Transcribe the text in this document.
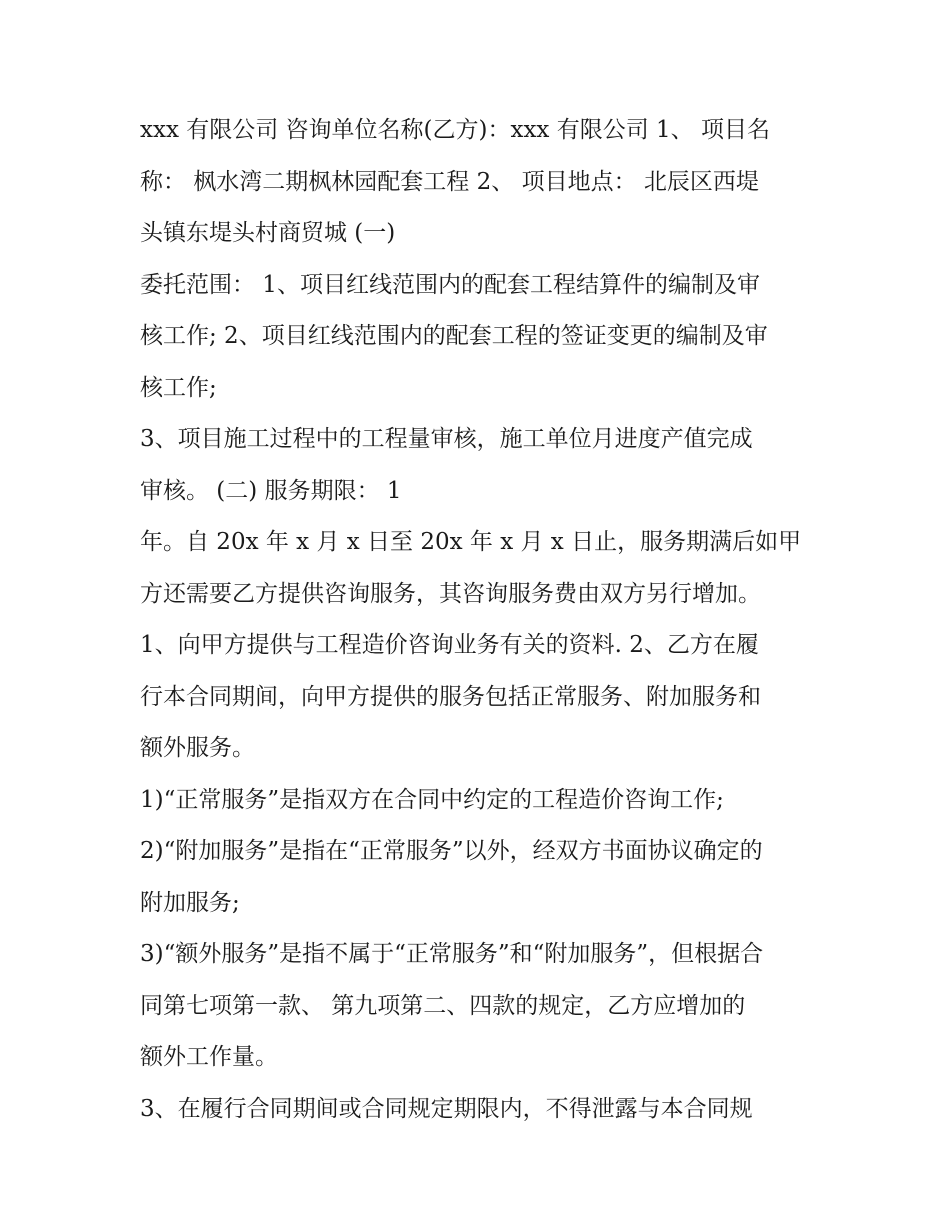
xxx 有限公司 咨询单位名称(乙方)：xxx 有限公司 1、 项目名
称： 枫水湾二期枫林园配套工程 2、 项目地点： 北辰区西堤
头镇东堤头村商贸城 (一)

委托范围： 1、项目红线范围内的配套工程结算件的编制及审
核工作; 2、项目红线范围内的配套工程的签证变更的编制及审
核工作;

3、项目施工过程中的工程量审核，施工单位月进度产值完成
审核。 (二) 服务期限： 1

年。自 20x 年 x 月 x 日至 20x 年 x 月 x 日止，服务期满后如甲
方还需要乙方提供咨询服务，其咨询服务费由双方另行增加。

1、向甲方提供与工程造价咨询业务有关的资料. 2、乙方在履
行本合同期间，向甲方提供的服务包括正常服务、附加服务和
额外服务。

1)“正常服务”是指双方在合同中约定的工程造价咨询工作;

2)“附加服务”是指在“正常服务”以外，经双方书面协议确定的
附加服务;

3)“额外服务”是指不属于“正常服务”和“附加服务”，但根据合
同第七项第一款、 第九项第二、四款的规定，乙方应增加的
额外工作量。

3、在履行合同期间或合同规定期限内，不得泄露与本合同规
